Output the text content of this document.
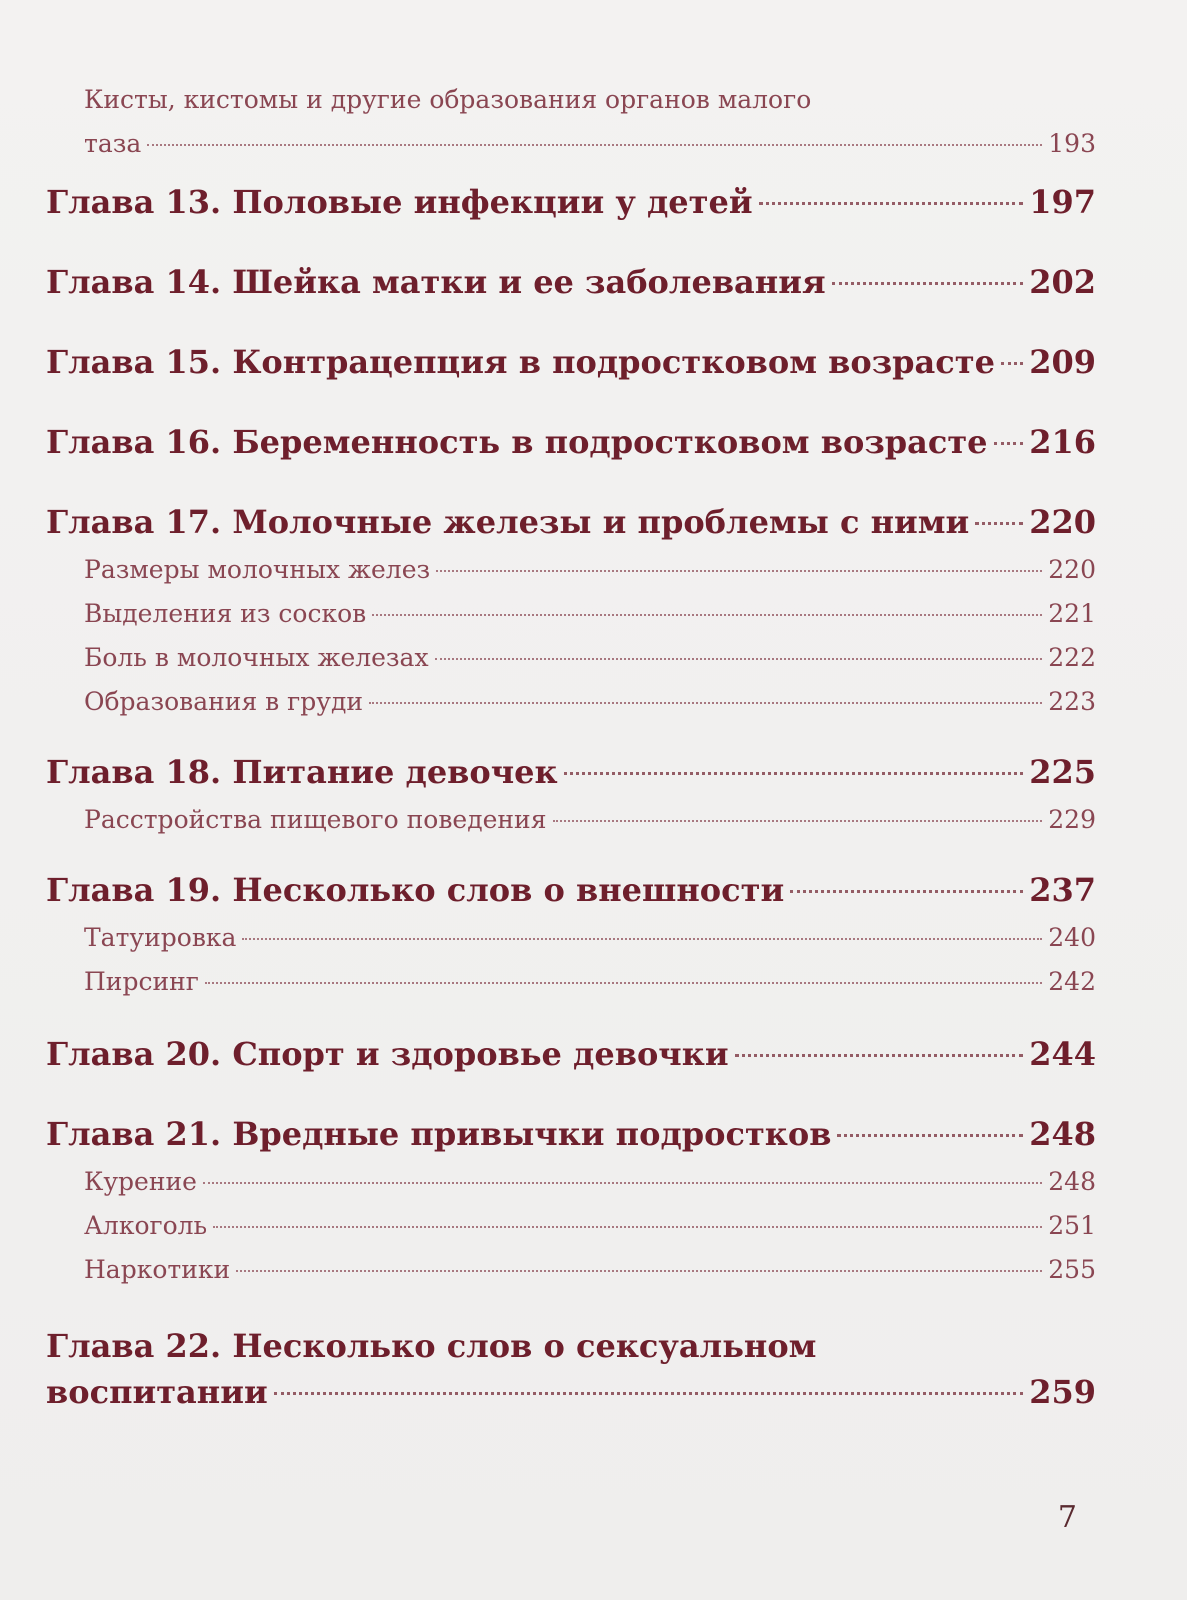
Кисты, кистомы и другие образования органов малого
таза	193
Глава 13. Половые инфекции у детей	197
Глава 14. Шейка матки и ее заболевания	202
Глава 15. Контрацепция в подростковом возрасте 209
Глава 16. Беременность в подростковом возрасте 216
Глава 17. Молочные железы и проблемы с ними 220
Размеры молочных желез	220
Выделения из сосков	221
Боль в молочных железах	222
Образования в груди	223
Глава 18. Питание девочек	225
Расстройства пищевого поведения	229
Глава 19. Несколько слов о внешности	237
Татуировка	240
Пирсинг	242
Глава 20. Спорт и здоровье девочки	244
Глава 21. Вредные привычки подростков	248
Курение	248
Алкоголь	251
Наркотики	255
Глава 22. Несколько слов о сексуальном
воспитании	259
7
